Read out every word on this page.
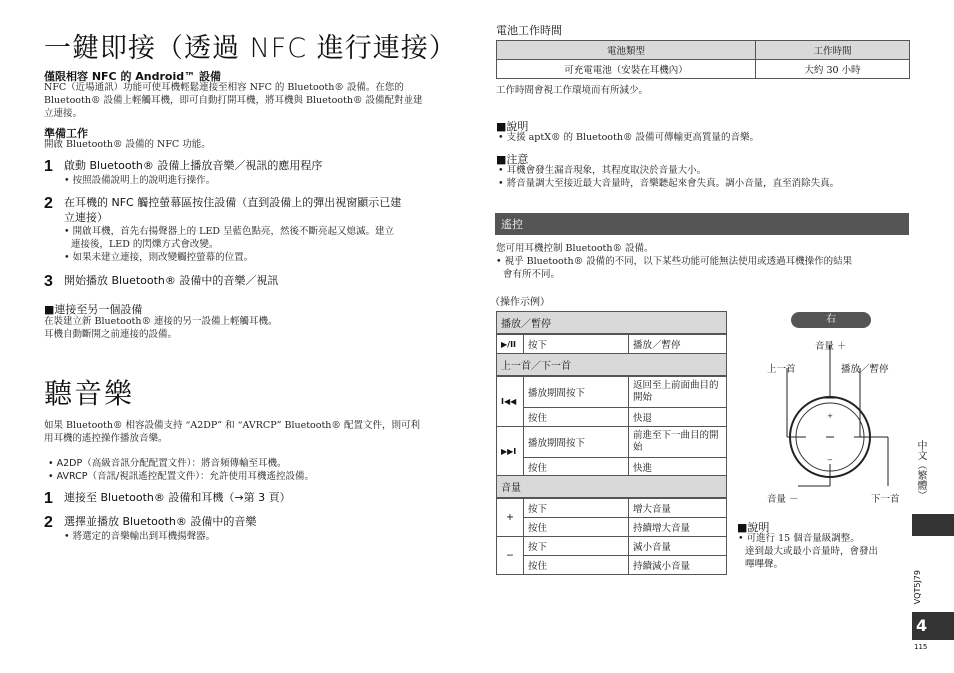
一鍵即接（透過 NFC 進行連接）
僅限相容 NFC 的 Android™ 設備
NFC（近場通訊）功能可使耳機輕鬆連接至相容 NFC 的 Bluetooth® 設備。在您的
Bluetooth® 設備上輕觸耳機，即可自動打開耳機，將耳機與 Bluetooth® 設備配對並建
立連接。
準備工作
開啟 Bluetooth® 設備的 NFC 功能。
1 啟動 Bluetooth® 設備上播放音樂／視訊的應用程序
• 按照設備說明上的說明進行操作。
2 在耳機的 NFC 觸控螢幕區按住設備（直到設備上的彈出視窗顯示已建
立連接）
• 開啟耳機，首先右揚聲器上的 LED 呈藍色點亮，然後不斷亮起又熄滅。建立
連接後，LED 的閃爍方式會改變。
• 如果未建立連接，則改變觸控螢幕的位置。
3 開始播放 Bluetooth® 設備中的音樂／視訊
■連接至另一個設備
在裝建立新 Bluetooth® 連接的另一設備上輕觸耳機。
耳機自動斷開之前連接的設備。
聽音樂
如果 Bluetooth® 相容設備支持 “A2DP” 和 “AVRCP” Bluetooth® 配置文件，則可利
用耳機的遙控操作播放音樂。
• A2DP（高級音訊分配配置文件）：將音頻傳輸至耳機。
• AVRCP（音訊/視訊遙控配置文件）：允許使用耳機遙控設備。
1 連接至 Bluetooth® 設備和耳機（→第 3 頁）
2 選擇並播放 Bluetooth® 設備中的音樂
• 將選定的音樂輸出到耳機揚聲器。
電池工作時間
電池類型	工作時間
可充電電池（安裝在耳機內）	大約 30 小時
工作時間會視工作環境而有所減少。
■說明
• 支援 aptX® 的 Bluetooth® 設備可傳輸更高質量的音樂。
■注意
• 耳機會發生漏音現象，其程度取決於音量大小。
• 將音量調大至接近最大音量時，音樂聽起來會失真。調小音量，直至消除失真。
遙控
您可用耳機控制 Bluetooth® 設備。
• 視乎 Bluetooth® 設備的不同，以下某些功能可能無法使用或透過耳機操作的結果
會有所不同。
（操作示例）
播放／暫停
▶/II	按下	播放／暫停
上一首／下一首
I◀◀	播放期間按下	返回至上前面曲目的開始
	按住	快退
▶▶I	播放期間按下	前進至下一曲目的開始
	按住	快進
音量
+	按下	增大音量
	按住	持續增大音量
−	按下	減小音量
	按住	持續減小音量
右
音量 ＋
上一首	播放／暫停
音量 －	下一首
+
−
■說明
• 可進行 15 個音量級調整。
達到最大或最小音量時，會發出
嗶嗶聲。
中文（繁體）
VQT5J79
4
115
